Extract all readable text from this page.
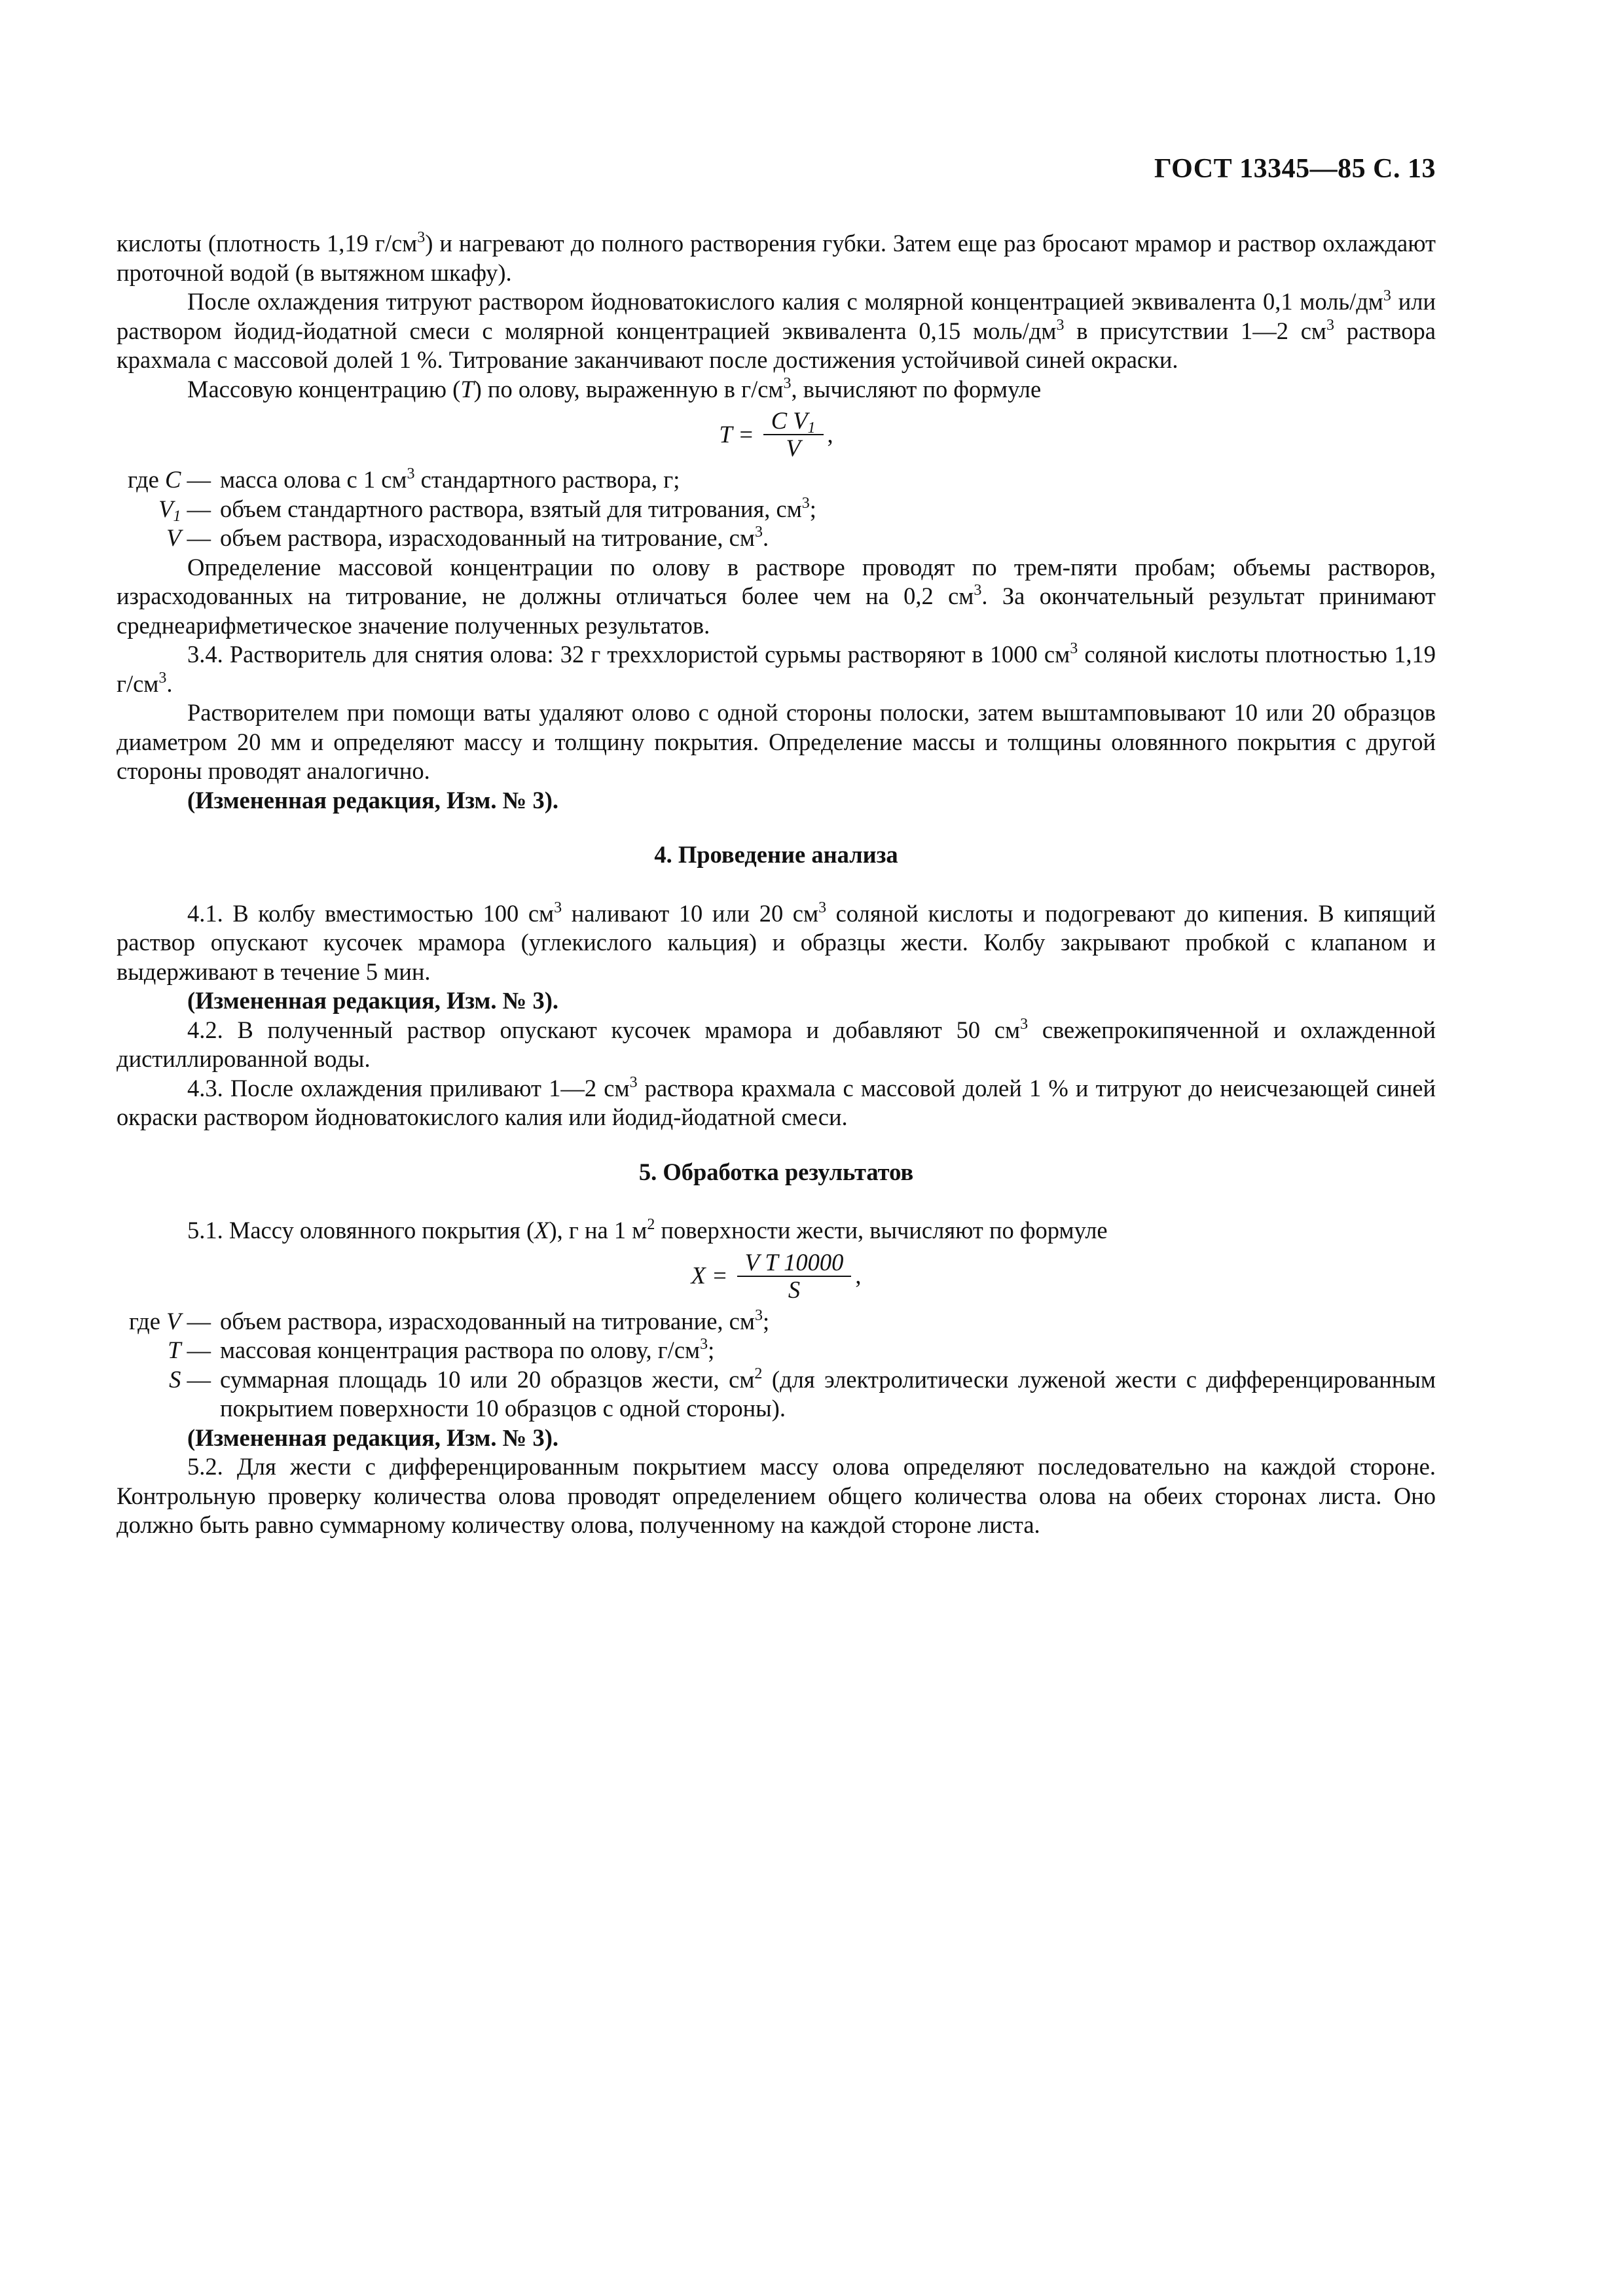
ГОСТ 13345—85 С. 13

кислоты (плотность 1,19 $г/см^3$) и нагревают до полного растворения губки. Затем еще раз бросают мрамор и раствор охлаждают проточной водой (в вытяжном шкафу).

После охлаждения титруют раствором йодноватокислого калия с молярной концентрацией эквивалента 0,1 моль/$дм^3$ или раствором йодид-йодатной смеси с молярной концентрацией эквивалента 0,15 моль/$дм^3$ в присутствии 1—2 $см^3$ раствора крахмала с массовой долей 1 %. Титрование заканчивают после достижения устойчивой синей окраски.

Массовую концентрацию (T) по олову, выраженную в $г/см^3$, вычисляют по формуле

$T = \frac{C V_1}{V}$ ,
где C — масса олова с 1 $см^3$ стандартного раствора, г;
$V_1$ — объем стандартного раствора, взятый для титрования, $см^3$;
V — объем раствора, израсходованный на титрование, $см^3$.

Определение массовой концентрации по олову в растворе проводят по трем-пяти пробам; объемы растворов, израсходованных на титрование, не должны отличаться более чем на 0,2 $см^3$. За окончательный результат принимают среднеарифметическое значение полученных результатов.

3.4. Растворитель для снятия олова: 32 г треххлористой сурьмы растворяют в 1000 $см^3$ соляной кислоты плотностью 1,19 $г/см^3$.

Растворителем при помощи ваты удаляют олово с одной стороны полоски, затем выштамповывают 10 или 20 образцов диаметром 20 мм и определяют массу и толщину покрытия. Определение массы и толщины оловянного покрытия с другой стороны проводят аналогично.

(Измененная редакция, Изм. № 3).

4. Проведение анализа

4.1. В колбу вместимостью 100 $см^3$ наливают 10 или 20 $см^3$ соляной кислоты и подогревают до кипения. В кипящий раствор опускают кусочек мрамора (углекислого кальция) и образцы жести. Колбу закрывают пробкой с клапаном и выдерживают в течение 5 мин.

(Измененная редакция, Изм. № 3).

4.2. В полученный раствор опускают кусочек мрамора и добавляют 50 $см^3$ свежепрокипяченной и охлажденной дистиллированной воды.

4.3. После охлаждения приливают 1—2 $см^3$ раствора крахмала с массовой долей 1 % и титруют до неисчезающей синей окраски раствором йодноватокислого калия или йодид-йодатной смеси.

5. Обработка результатов

5.1. Массу оловянного покрытия (X), г на 1 $м^2$ поверхности жести, вычисляют по формуле

$X = \frac{\text{V T 10000}}{S}$ ,
где V — объем раствора, израсходованный на титрование, $см^3$;
T — массовая концентрация раствора по олову, $г/см^3$;
S — суммарная площадь 10 или 20 образцов жести, $см^2$ (для электролитически луженой жести с дифференцированным покрытием поверхности 10 образцов с одной стороны).

(Измененная редакция, Изм. № 3).

5.2. Для жести с дифференцированным покрытием массу олова определяют последовательно на каждой стороне. Контрольную проверку количества олова проводят определением общего количества олова на обеих сторонах листа. Оно должно быть равно суммарному количеству олова, полученному на каждой стороне листа.
